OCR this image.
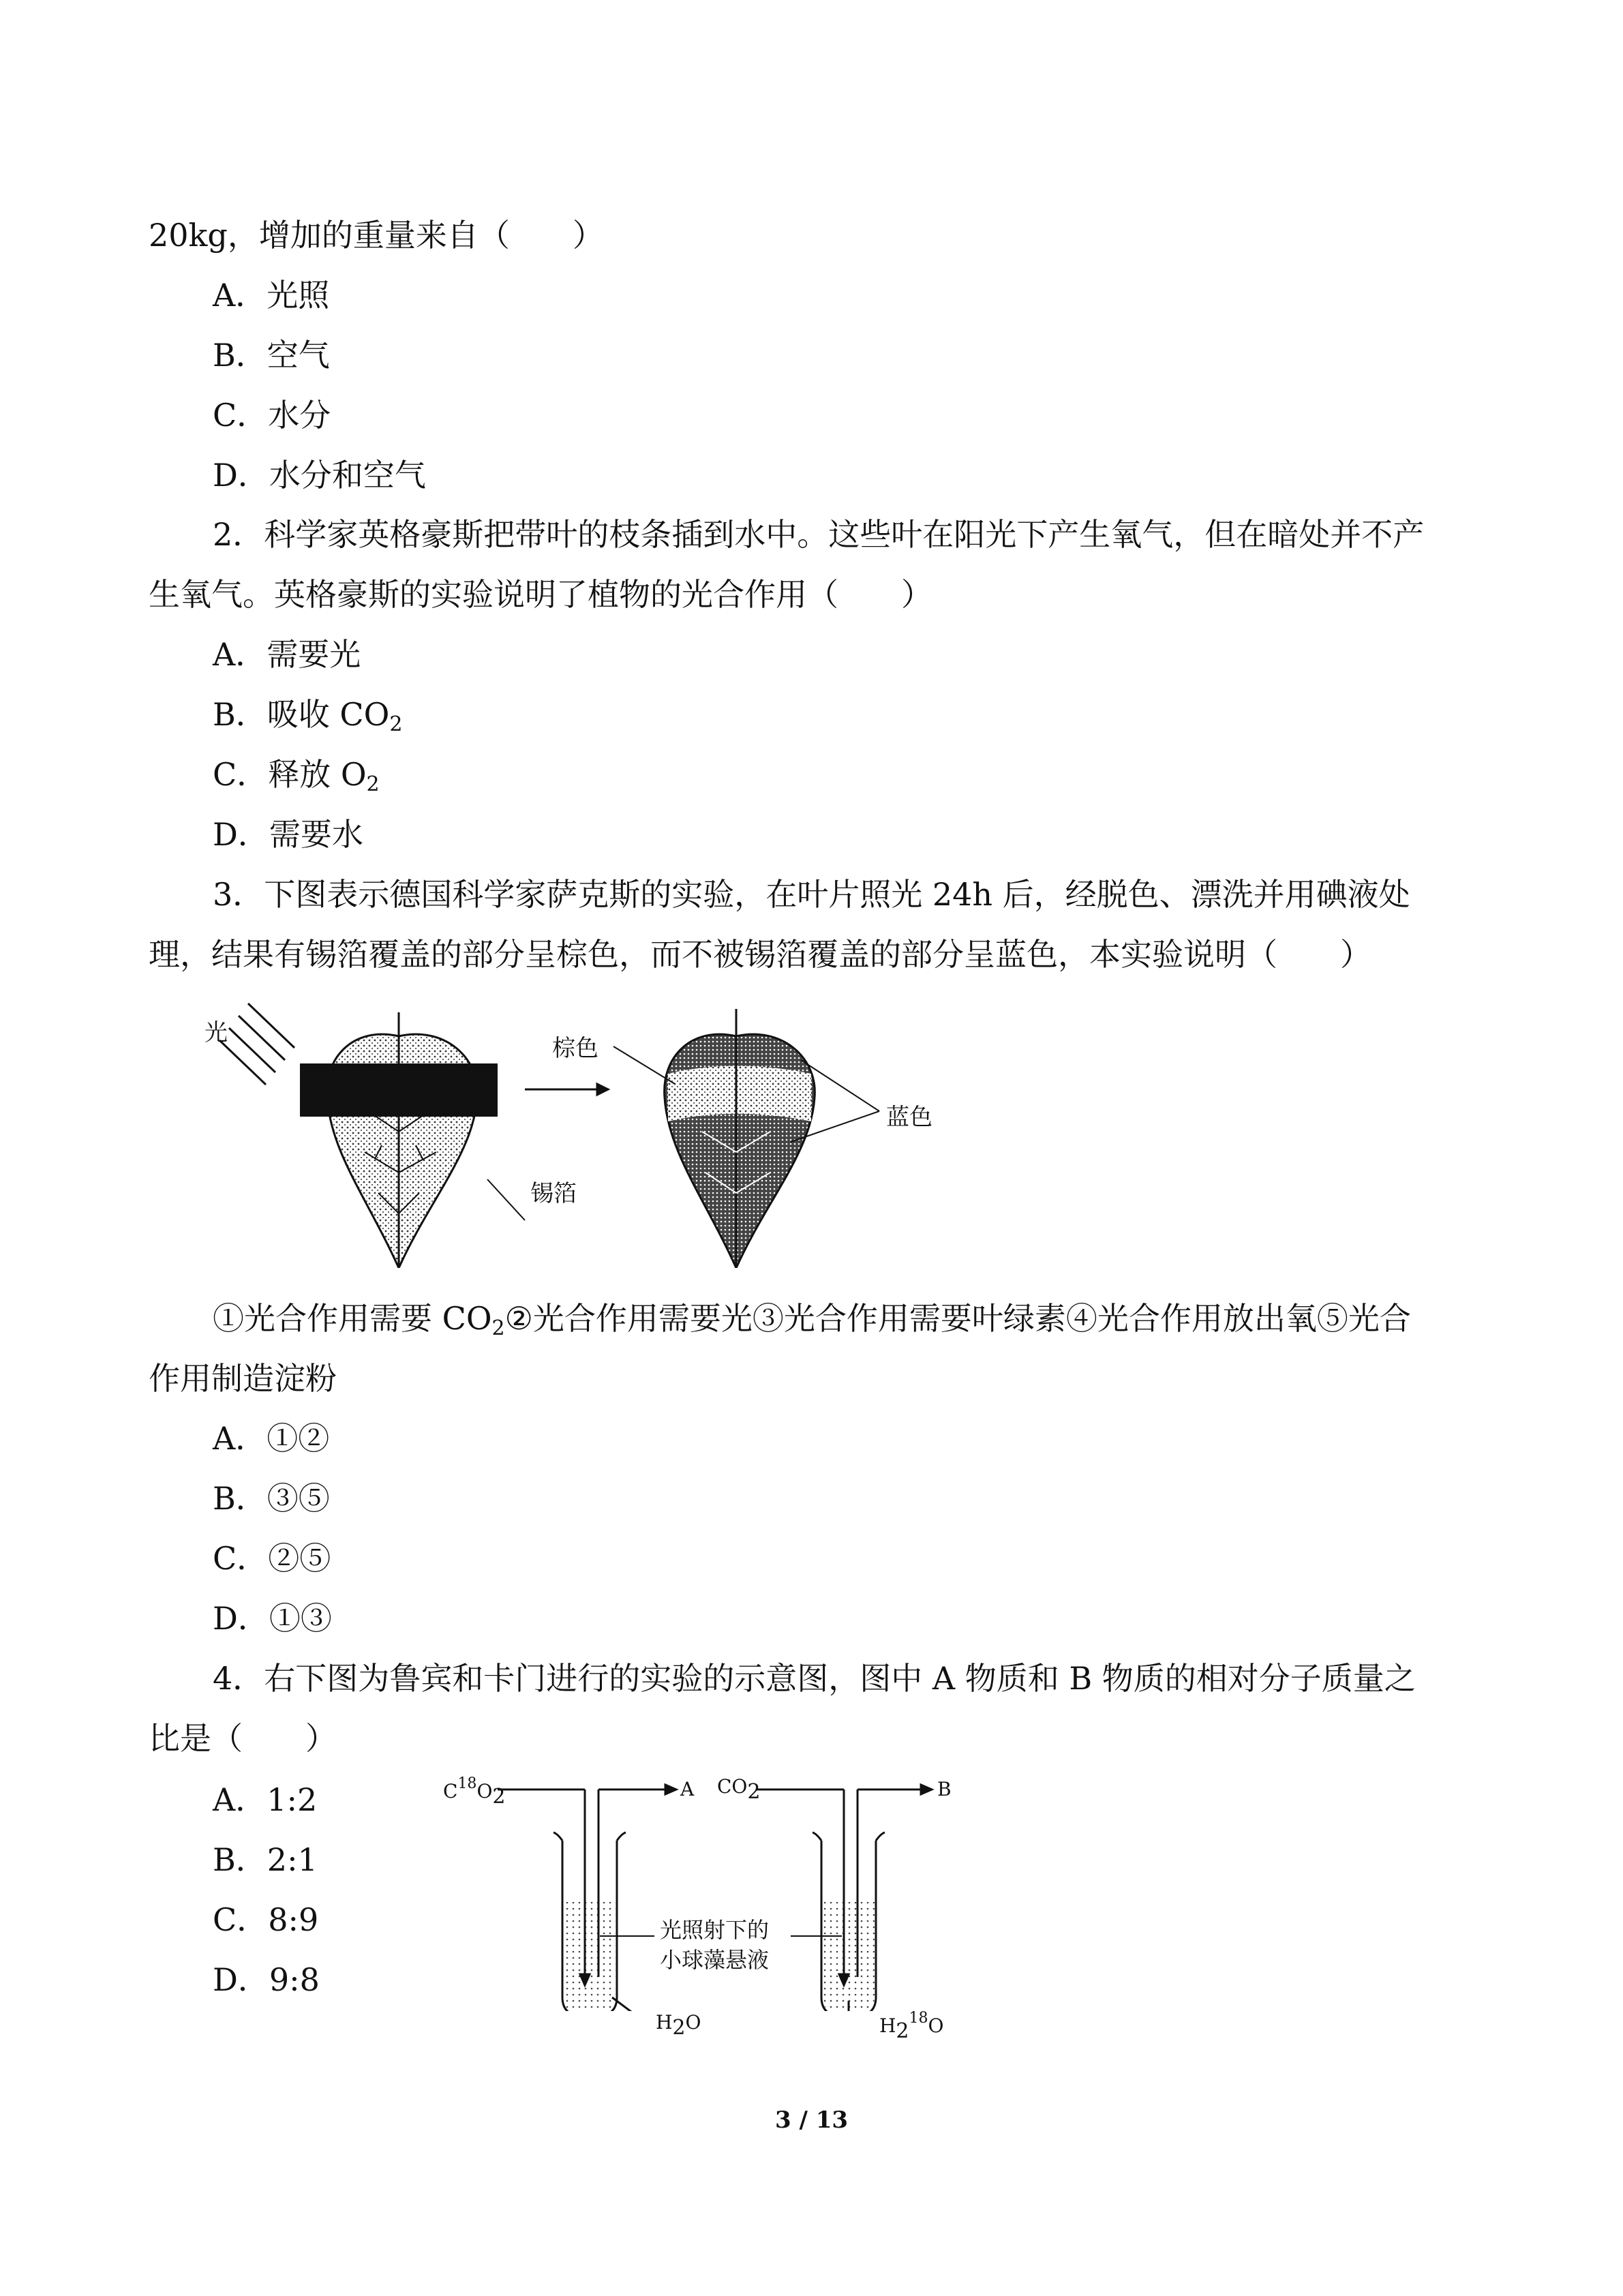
20kg，增加的重量来自（　　）
A．光照
B．空气
C．水分
D．水分和空气
2．科学家英格豪斯把带叶的枝条插到水中。这些叶在阳光下产生氧气，但在暗处并不产
生氧气。英格豪斯的实验说明了植物的光合作用（　　）
A．需要光
B．吸收 $CO_2$
C．释放 $O_2$
D．需要水
3．下图表示德国科学家萨克斯的实验，在叶片照光 24h 后，经脱色、漂洗并用碘液处
理，结果有锡箔覆盖的部分呈棕色，而不被锡箔覆盖的部分呈蓝色，本实验说明（　　）
光
棕色
蓝色
锡箔
①光合作用需要 $CO_2②$光合作用需要光③光合作用需要叶绿素④光合作用放出氧⑤光合
作用制造淀粉
A．①②
B．③⑤
C．②⑤
D．①③
4．右下图为鲁宾和卡门进行的实验的示意图，图中 A 物质和 B 物质的相对分子质量之
比是（　　）
A．1:2
B．2:1
C．8:9
D．9:8
$C^{18}O_2$	A $CO_2$	B
光照射下的
小球藻悬液
$H_2O$	$H_2^{18}O$
3 / 13
